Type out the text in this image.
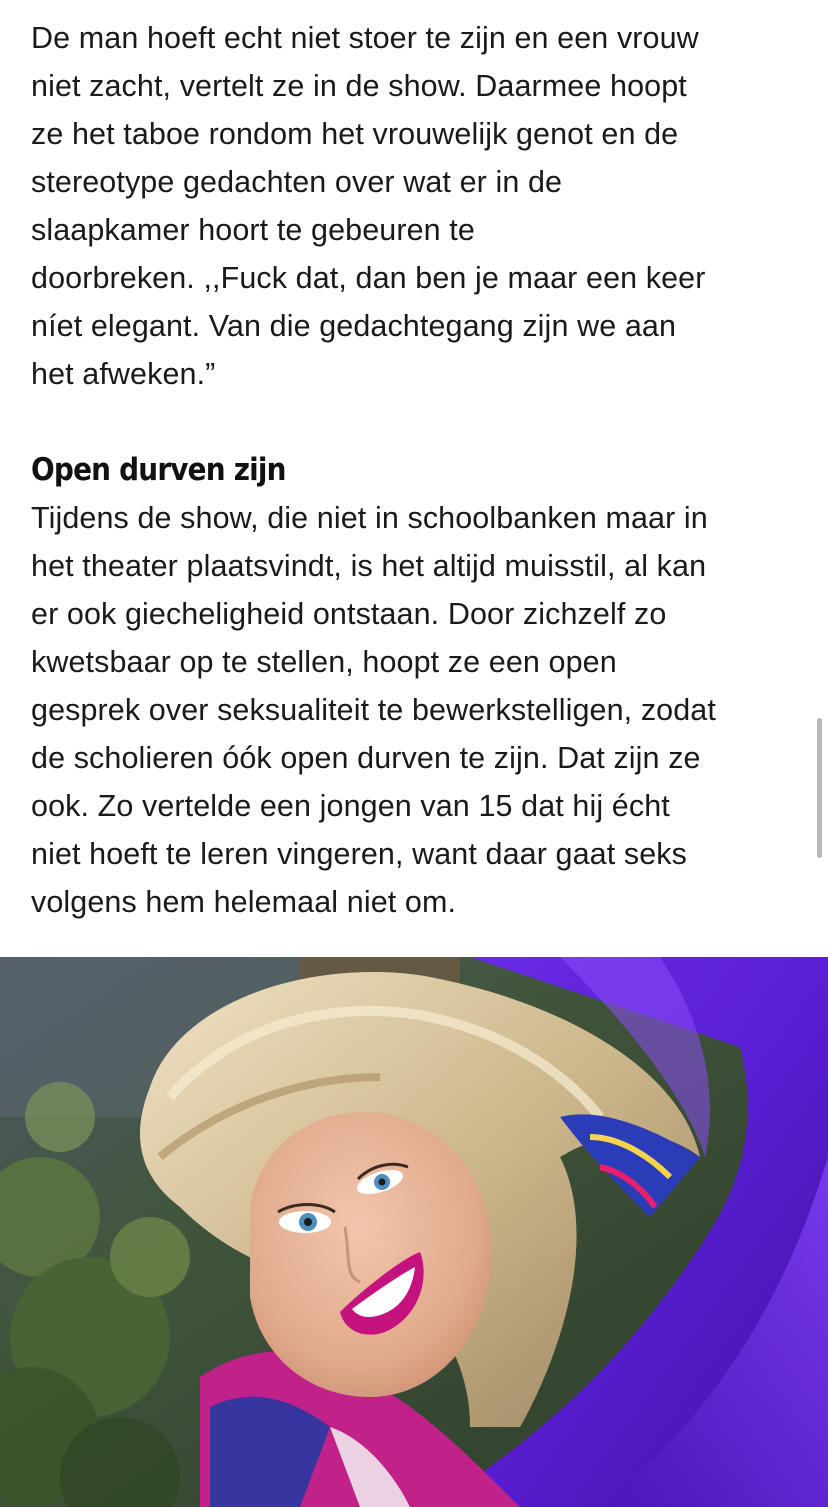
De man hoeft echt niet stoer te zijn en een vrouw
niet zacht, vertelt ze in de show. Daarmee hoopt
ze het taboe rondom het vrouwelijk genot en de
stereotype gedachten over wat er in de
slaapkamer hoort te gebeuren te
doorbreken. ,,Fuck dat, dan ben je maar een keer
níet elegant. Van die gedachtegang zijn we aan
het afweken.”

Open durven zijn

Tijdens de show, die niet in schoolbanken maar in
het theater plaatsvindt, is het altijd muisstil, al kan
er ook giecheligheid ontstaan. Door zichzelf zo
kwetsbaar op te stellen, hoopt ze een open
gesprek over seksualiteit te bewerkstelligen, zodat
de scholieren óók open durven te zijn. Dat zijn ze
ook. Zo vertelde een jongen van 15 dat hij écht
niet hoeft te leren vingeren, want daar gaat seks
volgens hem helemaal niet om.
